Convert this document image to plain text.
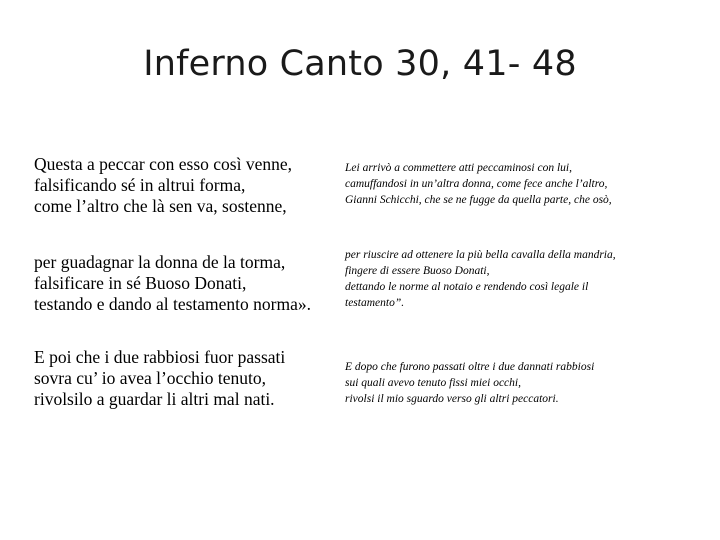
Inferno Canto 30, 41- 48
Questa a peccar con esso così venne,
falsificando sé in altrui forma,
come l’altro che là sen va, sostenne,
per guadagnar la donna de la torma,
falsificare in sé Buoso Donati,
testando e dando al testamento norma».
E poi che i due rabbiosi fuor passati
sovra cu’ io avea l’occhio tenuto,
rivolsilo a guardar li altri mal nati.
Lei arrivò a commettere atti peccaminosi con lui,
camuffandosi in un’altra donna, come fece anche l’altro,
Gianni Schicchi, che se ne fugge da quella parte, che osò,
per riuscire ad ottenere la più bella cavalla della mandria,
fingere di essere Buoso Donati,
dettando le norme al notaio e rendendo così legale il
testamento”.
E dopo che furono passati oltre i due dannati rabbiosi
sui quali avevo tenuto fissi miei occhi,
rivolsi il mio sguardo verso gli altri peccatori.
